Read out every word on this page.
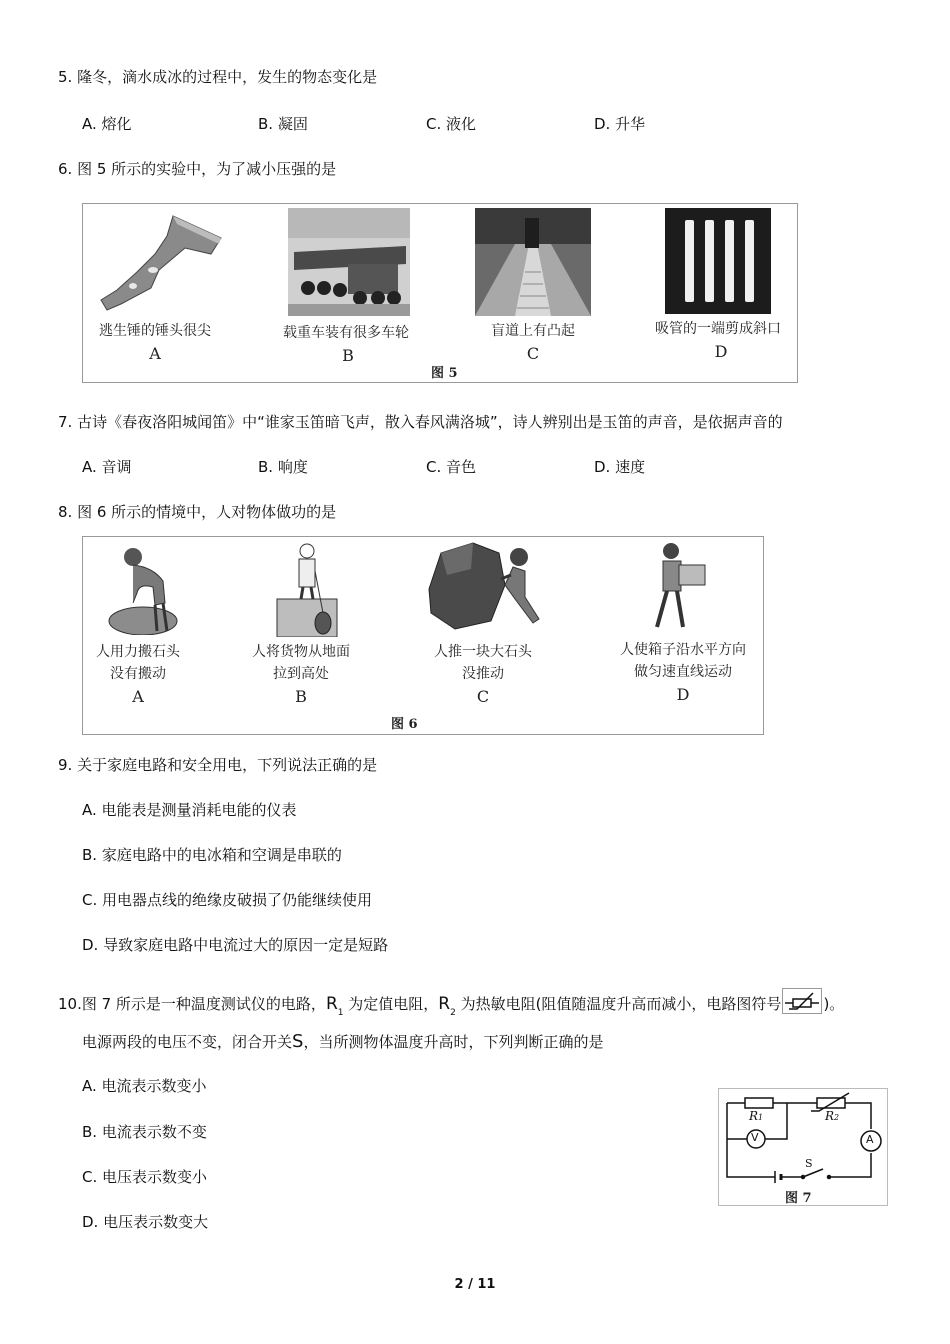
5. 隆冬，滴水成冰的过程中，发生的物态变化是
A. 熔化	B. 凝固	C. 液化	D. 升华
6. 图 5 所示的实验中，为了减小压强的是
逃生锤的锤头很尖	载重车装有很多车轮	盲道上有凸起	吸管的一端剪成斜口
A	B	C	D
图 5
7. 古诗《春夜洛阳城闻笛》中“谁家玉笛暗飞声，散入春风满洛城”，诗人辨别出是玉笛的声音，是依据声音的
A. 音调	B. 响度	C. 音色	D. 速度
8. 图 6 所示的情境中，人对物体做功的是
人用力搬石头
没有搬动
人将货物从地面
拉到高处
人推一块大石头
没推动
人使箱子沿水平方向
做匀速直线运动
A	B	C	D
图 6
9. 关于家庭电路和安全用电，下列说法正确的是
A. 电能表是测量消耗电能的仪表
B. 家庭电路中的电冰箱和空调是串联的
C. 用电器点线的绝缘皮破损了仍能继续使用
D. 导致家庭电路中电流过大的原因一定是短路
10.图 7 所示是一种温度测试仪的电路，$R_1$ 为定值电阻，$R_2$ 为热敏电阻(阻值随温度升高而减小，电路图符号	)。
电源两段的电压不变，闭合开关S，当所测物体温度升高时，下列判断正确的是
A. 电流表示数变小
B. 电流表示数不变
C. 电压表示数变小
D. 电压表示数变大
R1	R2
V	A
S
图 7
2 / 11
